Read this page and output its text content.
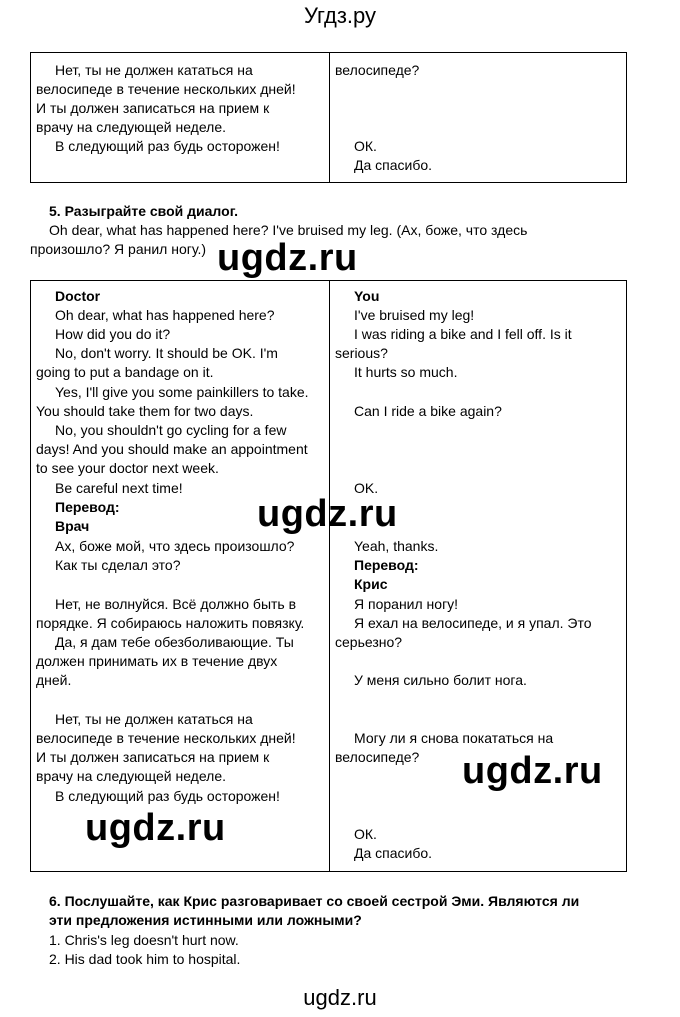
Угдз.ру
Нет, ты не должен кататься на
велосипеде в течение нескольких дней!
И ты должен записаться на прием к
врачу на следующей неделе.
В следующий раз будь осторожен!
велосипеде?
ОК.
Да спасибо.
5. Разыграйте свой диалог.
Oh dear, what has happened here? I've bruised my leg. (Ах, боже, что здесь
произошло? Я ранил ногу.)
Doctor
Oh dear, what has happened here?
How did you do it?
No, don't worry. It should be OK. I'm
going to put a bandage on it.
Yes, I'll give you some painkillers to take.
You should take them for two days.
No, you shouldn't go cycling for a few
days! And you should make an appointment
to see your doctor next week.
Be careful next time!
Перевод:
Врач
Ах, боже мой, что здесь произошло?
Как ты сделал это?
Нет, не волнуйся. Всё должно быть в
порядке. Я собираюсь наложить повязку.
Да, я дам тебе обезболивающие. Ты
должен принимать их в течение двух
дней.
Нет, ты не должен кататься на
велосипеде в течение нескольких дней!
И ты должен записаться на прием к
врачу на следующей неделе.
В следующий раз будь осторожен!
You
I've bruised my leg!
I was riding a bike and I fell off. Is it
serious?
It hurts so much.
Can I ride a bike again?
OK.
Yeah, thanks.
Перевод:
Крис
Я поранил ногу!
Я ехал на велосипеде, и я упал. Это
серьезно?
У меня сильно болит нога.
Могу ли я снова покататься на
велосипеде?
ОК.
Да спасибо.
6. Послушайте, как Крис разговаривает со своей сестрой Эми. Являются ли
эти предложения истинными или ложными?
1. Chris's leg doesn't hurt now.
2. His dad took him to hospital.
ugdz.ru
ugdz.ru
ugdz.ru
ugdz.ru
ugdz.ru
